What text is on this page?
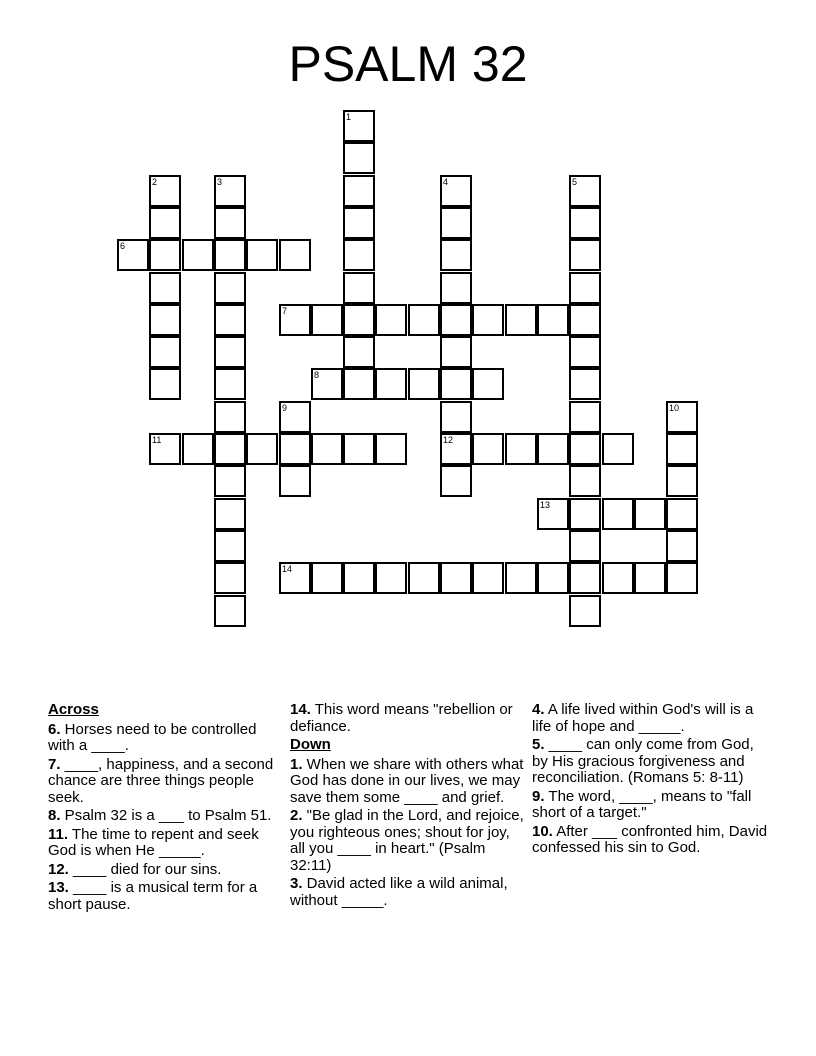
PSALM 32
1
2	3	4
12
5
6
7
8
9	10
11
13
14
Across
6. Horses need to be controlled with a ____.
7. ____, happiness, and a second chance are three things people seek.
8. Psalm 32 is a ___ to Psalm 51.
11. The time to repent and seek God is when He _____.
12. ____ died for our sins.
13. ____ is a musical term for a short pause.
14. This word means "rebellion or defiance.
Down
1. When we share with others what God has done in our lives, we may save them some ____ and grief.
2. "Be glad in the Lord, and rejoice, you righteous ones; shout for joy, all you ____ in heart." (Psalm 32:11)
3. David acted like a wild animal, without _____.
4. A life lived within God's will is a life of hope and _____.
5. ____ can only come from God, by His gracious forgiveness and reconciliation. (Romans 5: 8-11)
9. The word, ____, means to "fall short of a target."
10. After ___ confronted him, David confessed his sin to God.
